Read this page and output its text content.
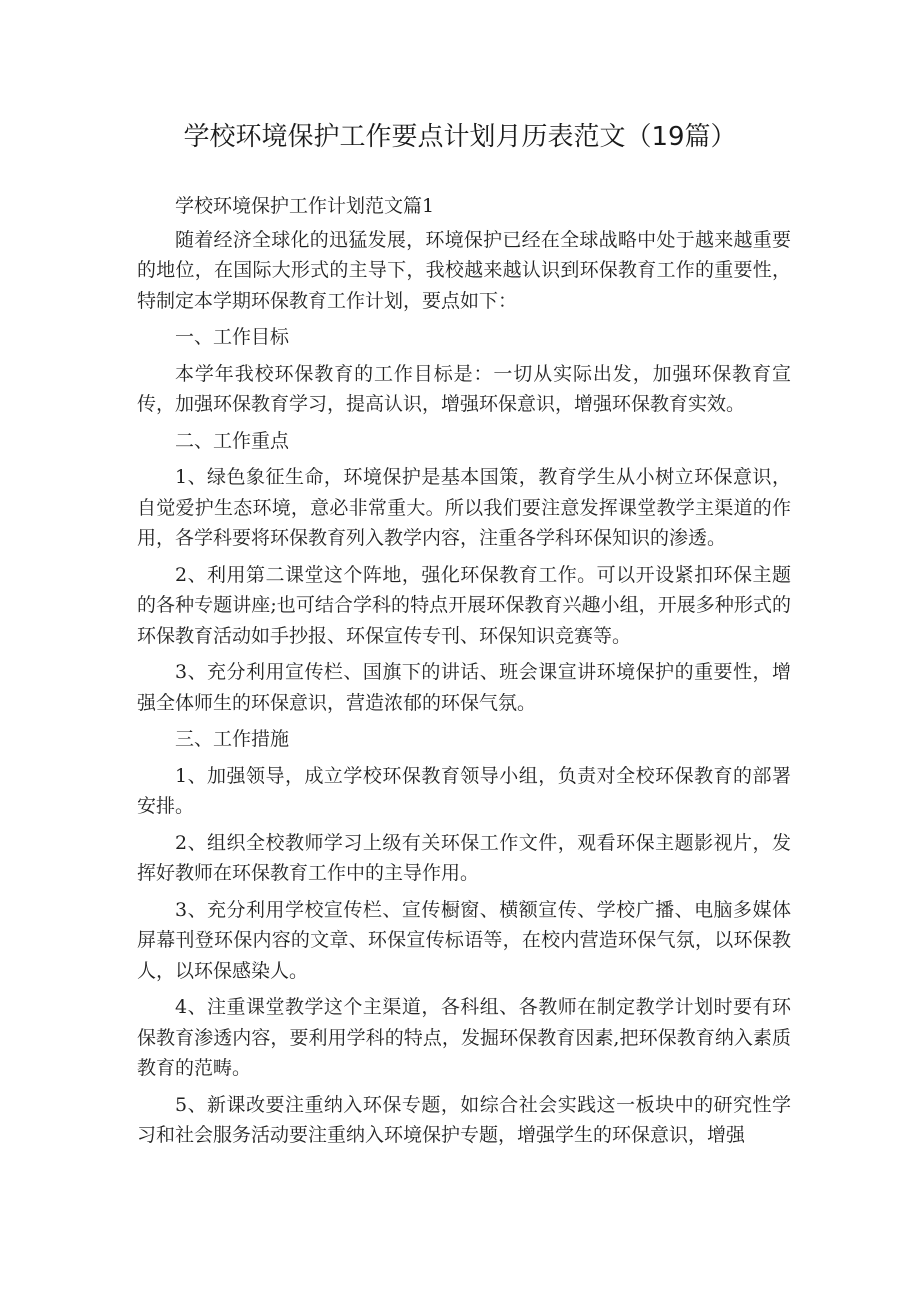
学校环境保护工作要点计划月历表范文（19篇）

学校环境保护工作计划范文篇1

随着经济全球化的迅猛发展，环境保护已经在全球战略中处于越来越重要的地位，在国际大形式的主导下，我校越来越认识到环保教育工作的重要性，特制定本学期环保教育工作计划，要点如下：

一、工作目标

本学年我校环保教育的工作目标是：一切从实际出发，加强环保教育宣传，加强环保教育学习，提高认识，增强环保意识，增强环保教育实效。

二、工作重点

1、绿色象征生命，环境保护是基本国策，教育学生从小树立环保意识，自觉爱护生态环境，意必非常重大。所以我们要注意发挥课堂教学主渠道的作用，各学科要将环保教育列入教学内容，注重各学科环保知识的渗透。

2、利用第二课堂这个阵地，强化环保教育工作。可以开设紧扣环保主题的各种专题讲座;也可结合学科的特点开展环保教育兴趣小组，开展多种形式的环保教育活动如手抄报、环保宣传专刊、环保知识竞赛等。

3、充分利用宣传栏、国旗下的讲话、班会课宣讲环境保护的重要性，增强全体师生的环保意识，营造浓郁的环保气氛。

三、工作措施

1、加强领导，成立学校环保教育领导小组，负责对全校环保教育的部署安排。

2、组织全校教师学习上级有关环保工作文件，观看环保主题影视片，发挥好教师在环保教育工作中的主导作用。

3、充分利用学校宣传栏、宣传橱窗、横额宣传、学校广播、电脑多媒体屏幕刊登环保内容的文章、环保宣传标语等，在校内营造环保气氛，以环保教人，以环保感染人。

4、注重课堂教学这个主渠道，各科组、各教师在制定教学计划时要有环保教育渗透内容，要利用学科的特点，发掘环保教育因素,把环保教育纳入素质教育的范畴。

5、新课改要注重纳入环保专题，如综合社会实践这一板块中的研究性学习和社会服务活动要注重纳入环境保护专题，增强学生的环保意识，增强
